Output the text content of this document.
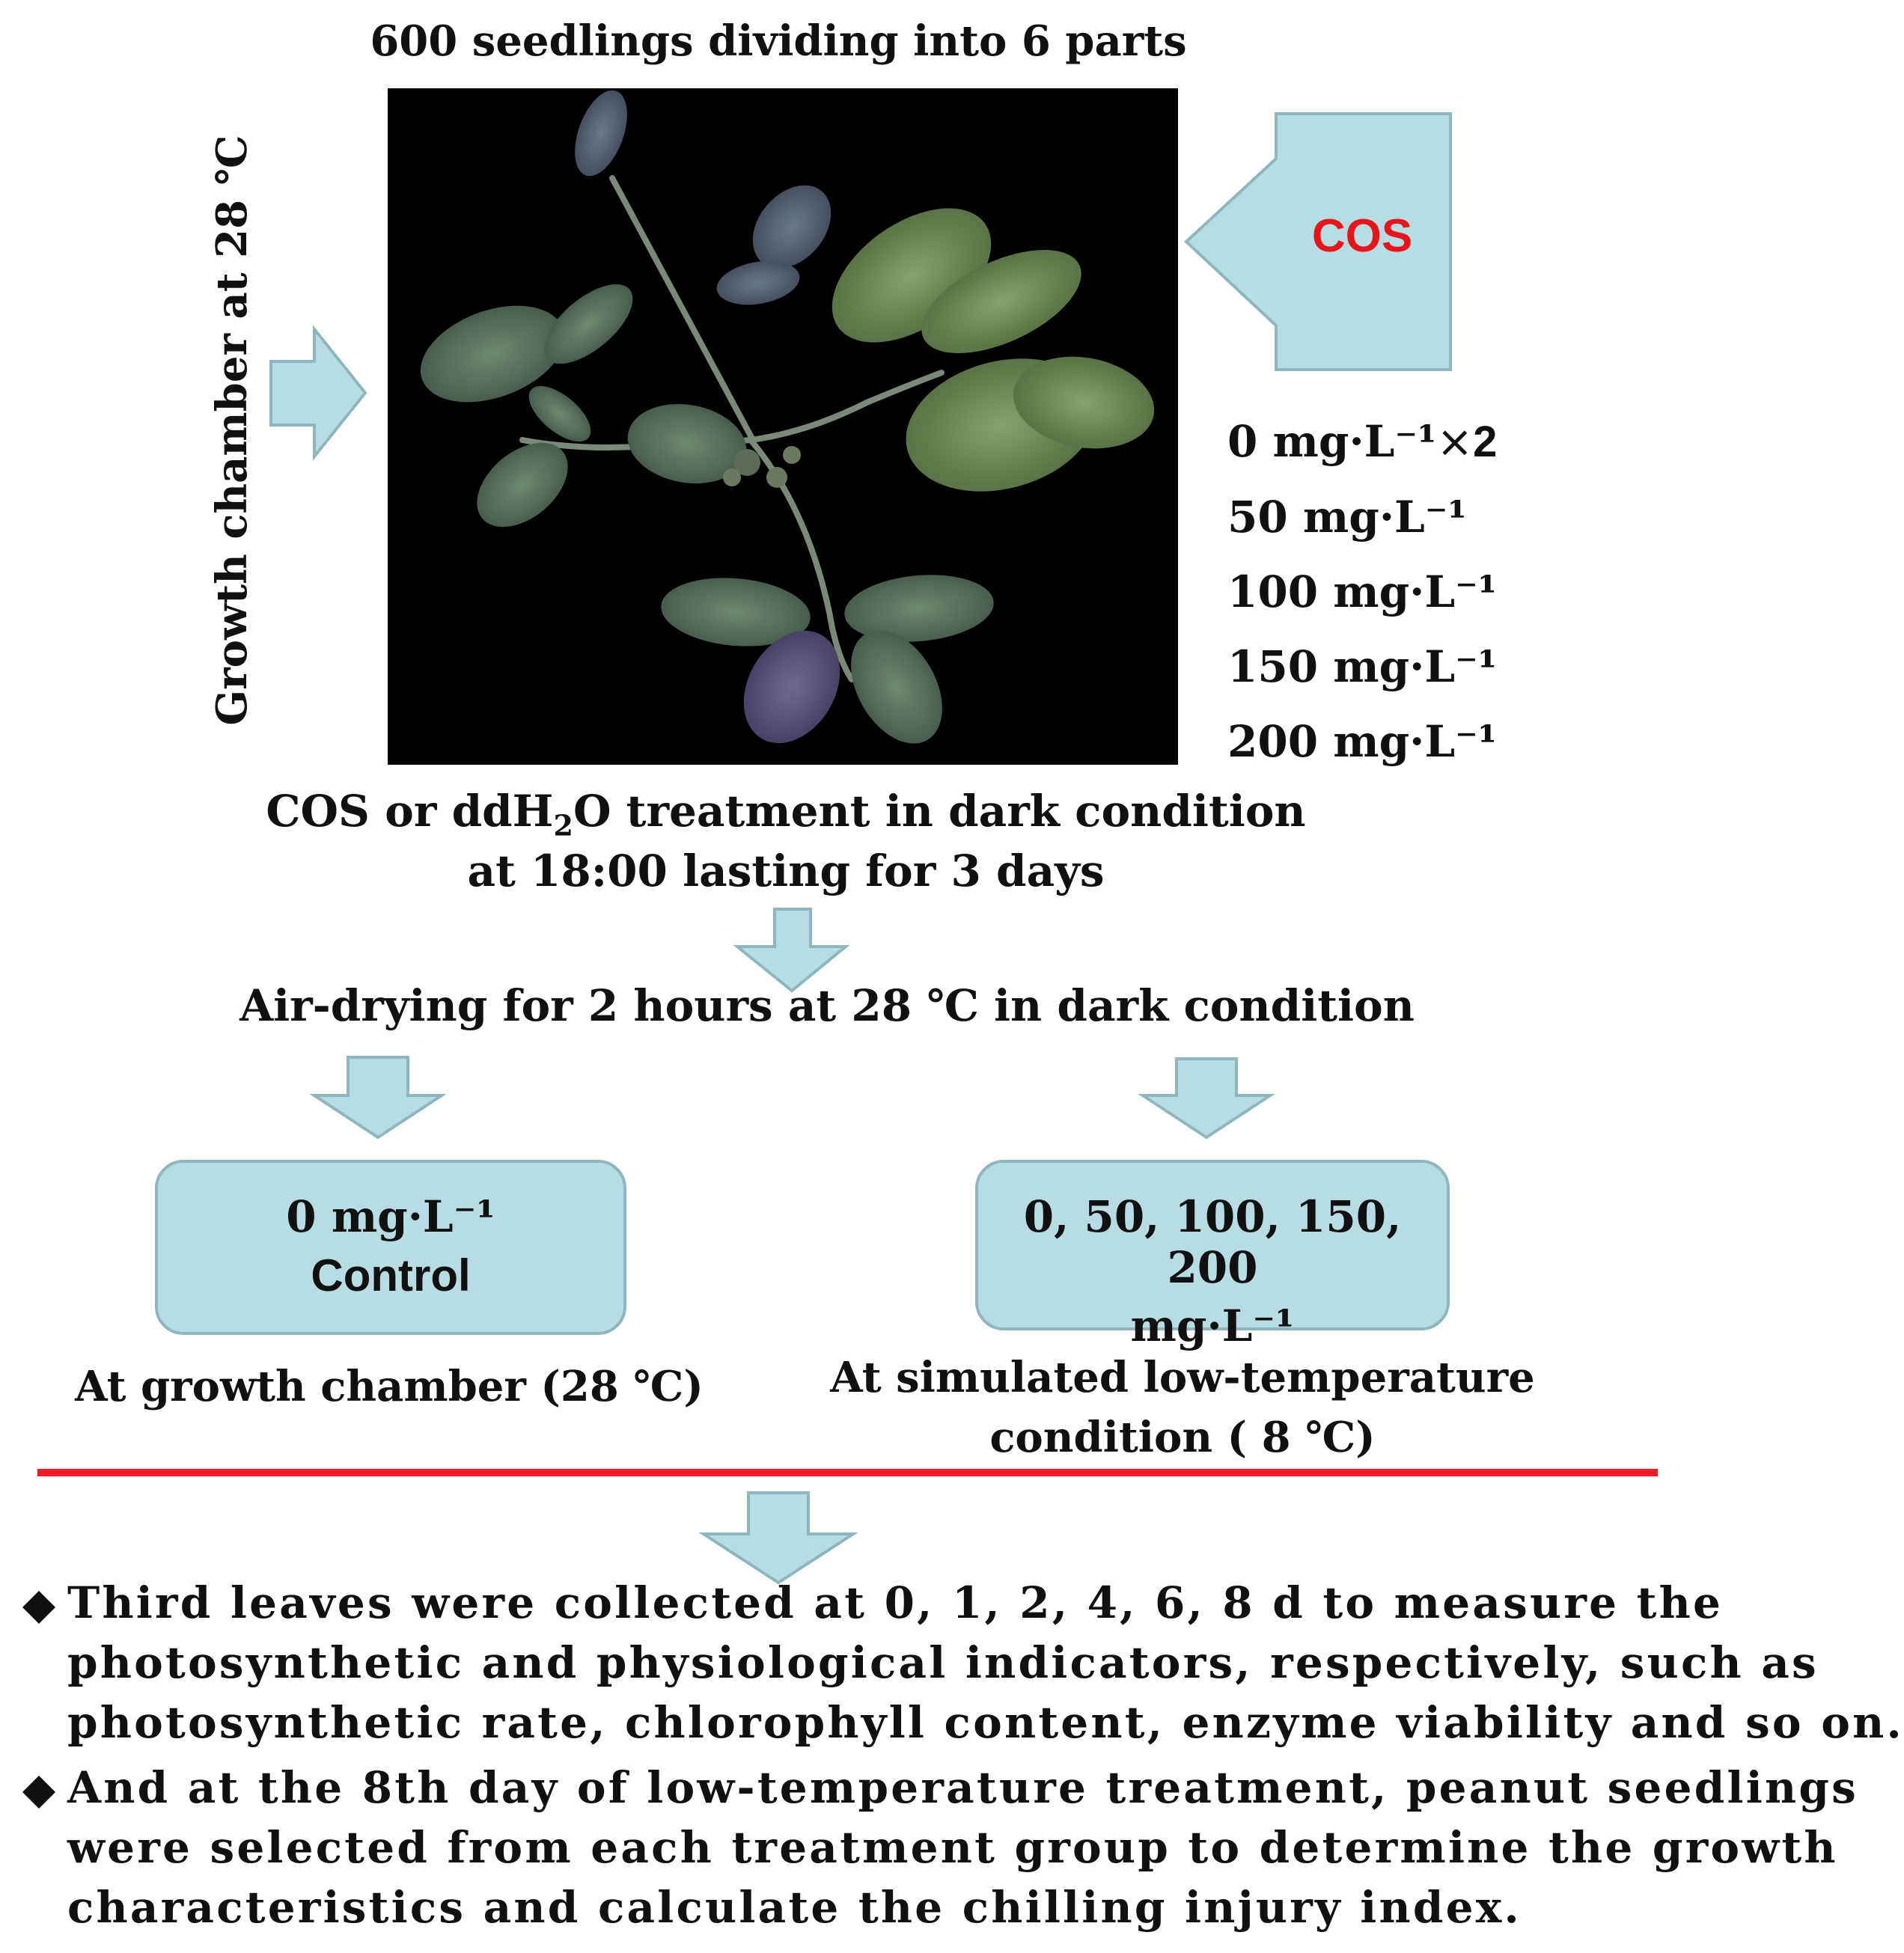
600 seedlings dividing into 6 parts
Growth chamber at 28 ℃	COS
0 mg·L⁻¹×2
50 mg·L⁻¹
100 mg·L⁻¹
150 mg·L⁻¹
200 mg·L⁻¹
COS or ddH$_2$O treatment in dark condition
at 18:00 lasting for 3 days
Air-drying for 2 hours at 28 ℃ in dark condition
0 mg·L⁻¹
Control
At growth chamber (28 ℃)
0, 50, 100, 150, 200
mg·L⁻¹
At simulated low-temperature
condition ( 8 ℃)
Third leaves were collected at 0, 1, 2, 4, 6, 8 d to measure the
photosynthetic and physiological indicators, respectively, such as
photosynthetic rate, chlorophyll content, enzyme viability and so on.
And at the 8th day of low-temperature treatment, peanut seedlings
were selected from each treatment group to determine the growth
characteristics and calculate the chilling injury index.
